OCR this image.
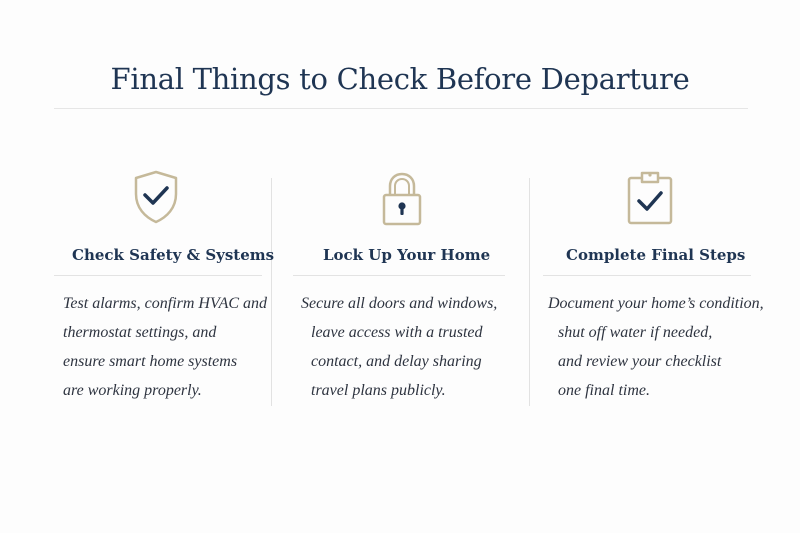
Final Things to Check Before Departure
Check Safety & Systems
Test alarms, confirm HVAC and
thermostat settings, and
ensure smart home systems
are working properly.
Lock Up Your Home
Secure all doors and windows,
leave access with a trusted
contact, and delay sharing
travel plans publicly.
Complete Final Steps
Document your home’s condition,
shut off water if needed,
and review your checklist
one final time.
